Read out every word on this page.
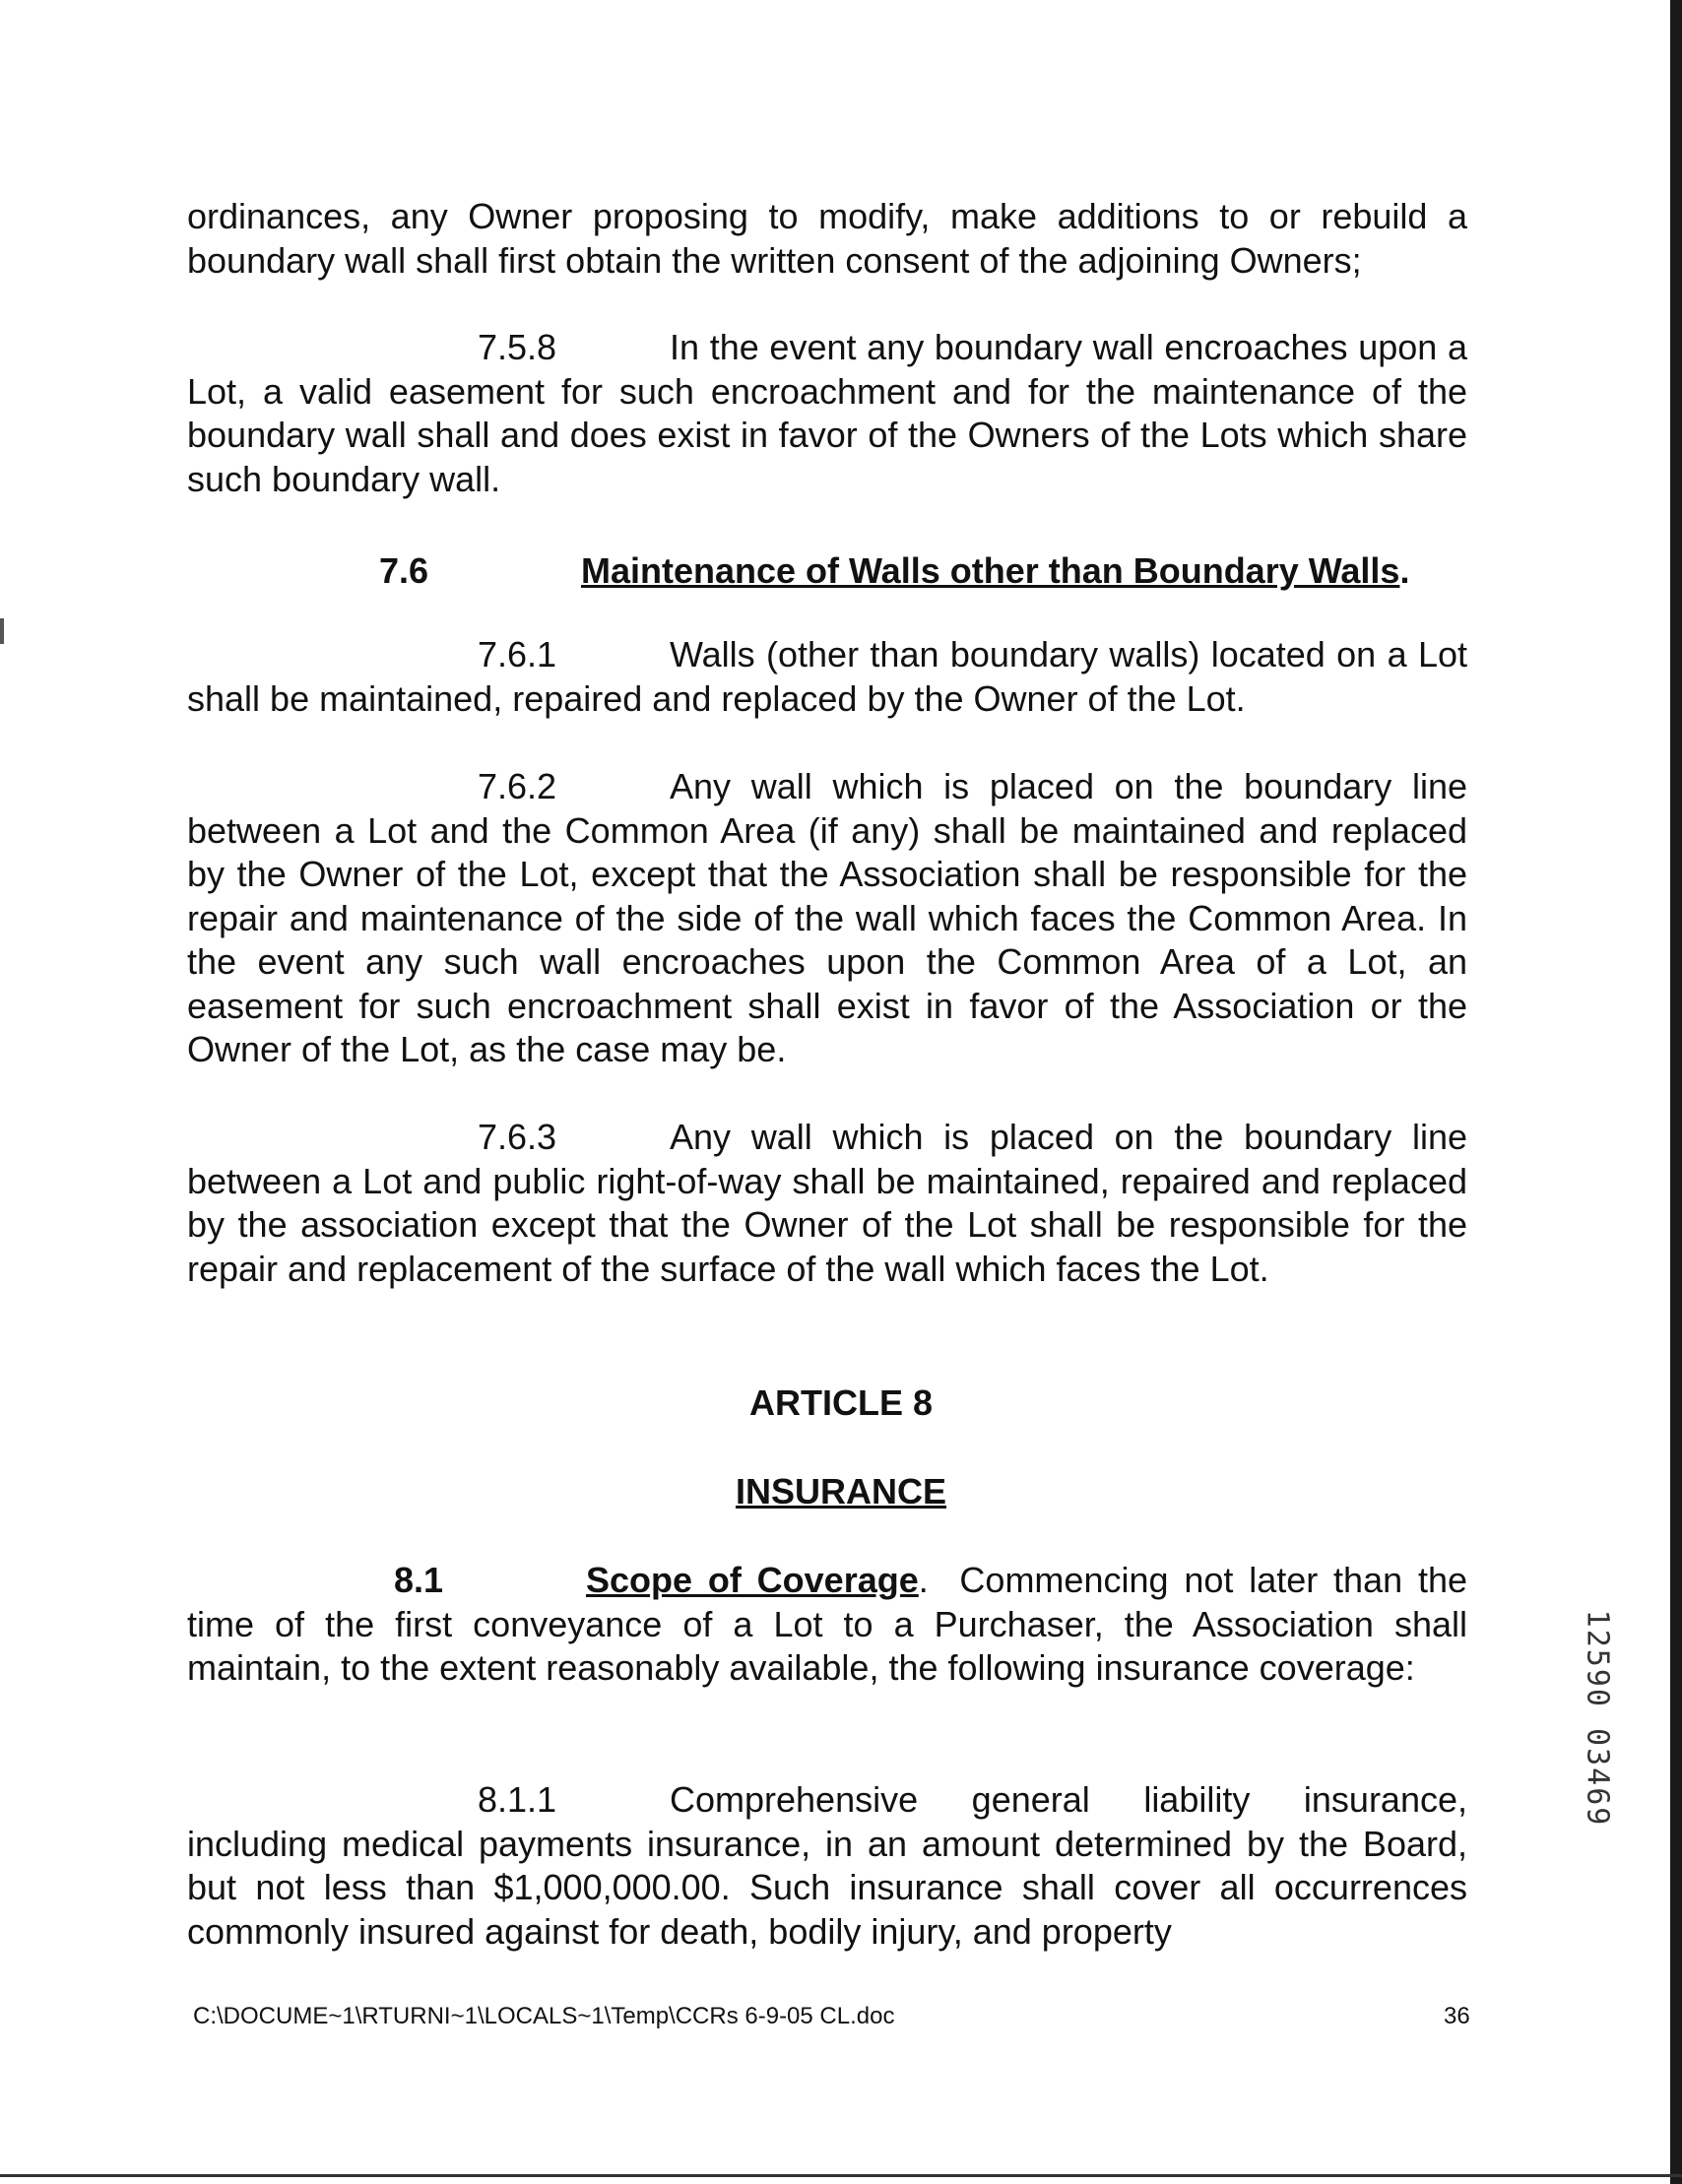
ordinances, any Owner proposing to modify, make additions to or rebuild a boundary wall shall first obtain the written consent of the adjoining Owners;

7.5.8	In the event any boundary wall encroaches upon a Lot, a valid easement for such encroachment and for the maintenance of the boundary wall shall and does exist in favor of the Owners of the Lots which share such boundary wall.

7.6	Maintenance of Walls other than Boundary Walls.

7.6.1	Walls (other than boundary walls) located on a Lot shall be maintained, repaired and replaced by the Owner of the Lot.

7.6.2	Any wall which is placed on the boundary line between a Lot and the Common Area (if any) shall be maintained and replaced by the Owner of the Lot, except that the Association shall be responsible for the repair and maintenance of the side of the wall which faces the Common Area. In the event any such wall encroaches upon the Common Area of a Lot, an easement for such encroachment shall exist in favor of the Association or the Owner of the Lot, as the case may be.

7.6.3	Any wall which is placed on the boundary line between a Lot and public right-of-way shall be maintained, repaired and replaced by the association except that the Owner of the Lot shall be responsible for the repair and replacement of the surface of the wall which faces the Lot.

ARTICLE 8
INSURANCE

8.1	Scope of Coverage. Commencing not later than the time of the first conveyance of a Lot to a Purchaser, the Association shall maintain, to the extent reasonably available, the following insurance coverage:

8.1.1	Comprehensive general liability insurance, including medical payments insurance, in an amount determined by the Board, but not less than $1,000,000.00. Such insurance shall cover all occurrences commonly insured against for death, bodily injury, and property

C:\DOCUME~1\RTURNI~1\LOCALS~1\Temp\CCRs 6-9-05 CL.doc	36
12590 03469
